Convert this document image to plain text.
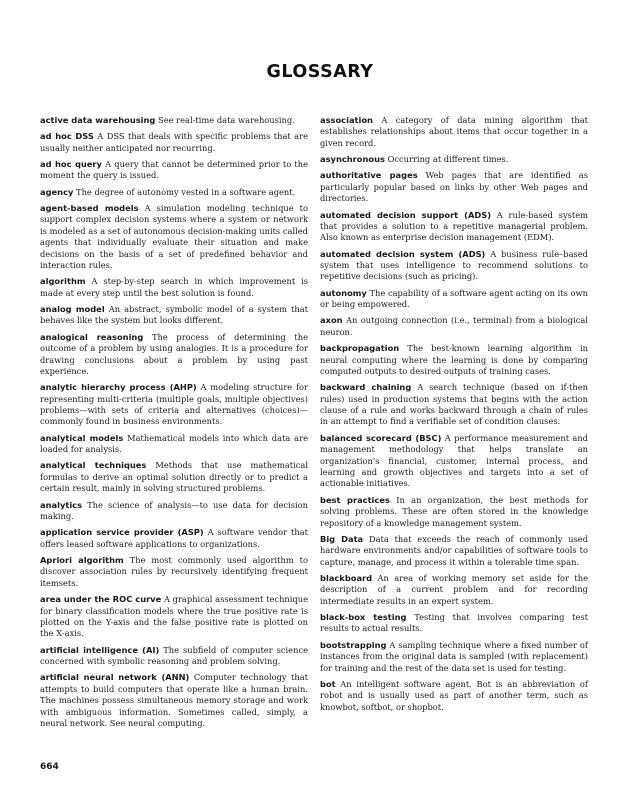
GLOSSARY

active data warehousing See real-time data warehousing.

ad hoc DSS A DSS that deals with specific problems that are usually neither anticipated nor recurring.

ad hoc query A query that cannot be determined prior to the moment the query is issued.

agency The degree of autonomy vested in a software agent.

agent-based models A simulation modeling technique to support complex decision systems where a system or network is modeled as a set of autonomous decision-making units called agents that individually evaluate their situation and make decisions on the basis of a set of predefined behavior and interaction rules.

algorithm A step-by-step search in which improvement is made at every step until the best solution is found.

analog model An abstract, symbolic model of a system that behaves like the system but looks different.

analogical reasoning The process of determining the outcome of a problem by using analogies. It is a procedure for drawing conclusions about a problem by using past experience.

analytic hierarchy process (AHP) A modeling structure for representing multi-criteria (multiple goals, multiple objectives) problems—with sets of criteria and alternatives (choices)—commonly found in business environments.

analytical models Mathematical models into which data are loaded for analysis.

analytical techniques Methods that use mathematical formulas to derive an optimal solution directly or to predict a certain result, mainly in solving structured problems.

analytics The science of analysis—to use data for decision making.

application service provider (ASP) A software vendor that offers leased software applications to organizations.

Apriori algorithm The most commonly used algorithm to discover association rules by recursively identifying frequent itemsets.

area under the ROC curve A graphical assessment technique for binary classification models where the true positive rate is plotted on the Y-axis and the false positive rate is plotted on the X-axis.

artificial intelligence (AI) The subfield of computer science concerned with symbolic reasoning and problem solving.

artificial neural network (ANN) Computer technology that attempts to build computers that operate like a human brain. The machines possess simultaneous memory storage and work with ambiguous information. Sometimes called, simply, a neural network. See neural computing.

association A category of data mining algorithm that establishes relationships about items that occur together in a given record.

asynchronous Occurring at different times.

authoritative pages Web pages that are identified as particularly popular based on links by other Web pages and directories.

automated decision support (ADS) A rule-based system that provides a solution to a repetitive managerial problem. Also known as enterprise decision management (EDM).

automated decision system (ADS) A business rule–based system that uses intelligence to recommend solutions to repetitive decisions (such as pricing).

autonomy The capability of a software agent acting on its own or being empowered.

axon An outgoing connection (i.e., terminal) from a biological neuron.

backpropagation The best-known learning algorithm in neural computing where the learning is done by comparing computed outputs to desired outputs of training cases.

backward chaining A search technique (based on if-then rules) used in production systems that begins with the action clause of a rule and works backward through a chain of rules in an attempt to find a verifiable set of condition clauses.

balanced scorecard (BSC) A performance measurement and management methodology that helps translate an organization's financial, customer, internal process, and learning and growth objectives and targets into a set of actionable initiatives.

best practices In an organization, the best methods for solving problems. These are often stored in the knowledge repository of a knowledge management system.

Big Data Data that exceeds the reach of commonly used hardware environments and/or capabilities of software tools to capture, manage, and process it within a tolerable time span.

blackboard An area of working memory set aside for the description of a current problem and for recording intermediate results in an expert system.

black-box testing Testing that involves comparing test results to actual results.

bootstrapping A sampling technique where a fixed number of instances from the original data is sampled (with replacement) for training and the rest of the data set is used for testing.

bot An intelligent software agent. Bot is an abbreviation of robot and is usually used as part of another term, such as knowbot, softbot, or shopbot.

664
